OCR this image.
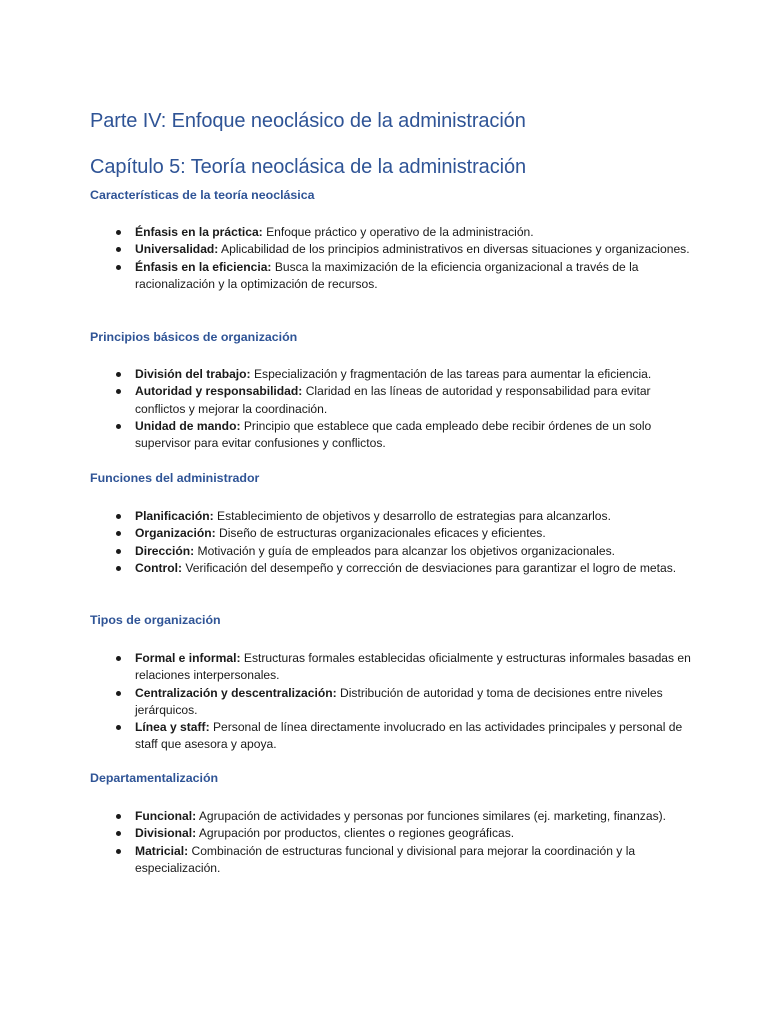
Parte IV: Enfoque neoclásico de la administración
Capítulo 5: Teoría neoclásica de la administración
Características de la teoría neoclásica
Énfasis en la práctica: Enfoque práctico y operativo de la administración.
Universalidad: Aplicabilidad de los principios administrativos en diversas situaciones y organizaciones.
Énfasis en la eficiencia: Busca la maximización de la eficiencia organizacional a través de la racionalización y la optimización de recursos.
Principios básicos de organización
División del trabajo: Especialización y fragmentación de las tareas para aumentar la eficiencia.
Autoridad y responsabilidad: Claridad en las líneas de autoridad y responsabilidad para evitar conflictos y mejorar la coordinación.
Unidad de mando: Principio que establece que cada empleado debe recibir órdenes de un solo supervisor para evitar confusiones y conflictos.
Funciones del administrador
Planificación: Establecimiento de objetivos y desarrollo de estrategias para alcanzarlos.
Organización: Diseño de estructuras organizacionales eficaces y eficientes.
Dirección: Motivación y guía de empleados para alcanzar los objetivos organizacionales.
Control: Verificación del desempeño y corrección de desviaciones para garantizar el logro de metas.
Tipos de organización
Formal e informal: Estructuras formales establecidas oficialmente y estructuras informales basadas en relaciones interpersonales.
Centralización y descentralización: Distribución de autoridad y toma de decisiones entre niveles jerárquicos.
Línea y staff: Personal de línea directamente involucrado en las actividades principales y personal de staff que asesora y apoya.
Departamentalización
Funcional: Agrupación de actividades y personas por funciones similares (ej. marketing, finanzas).
Divisional: Agrupación por productos, clientes o regiones geográficas.
Matricial: Combinación de estructuras funcional y divisional para mejorar la coordinación y la especialización.
